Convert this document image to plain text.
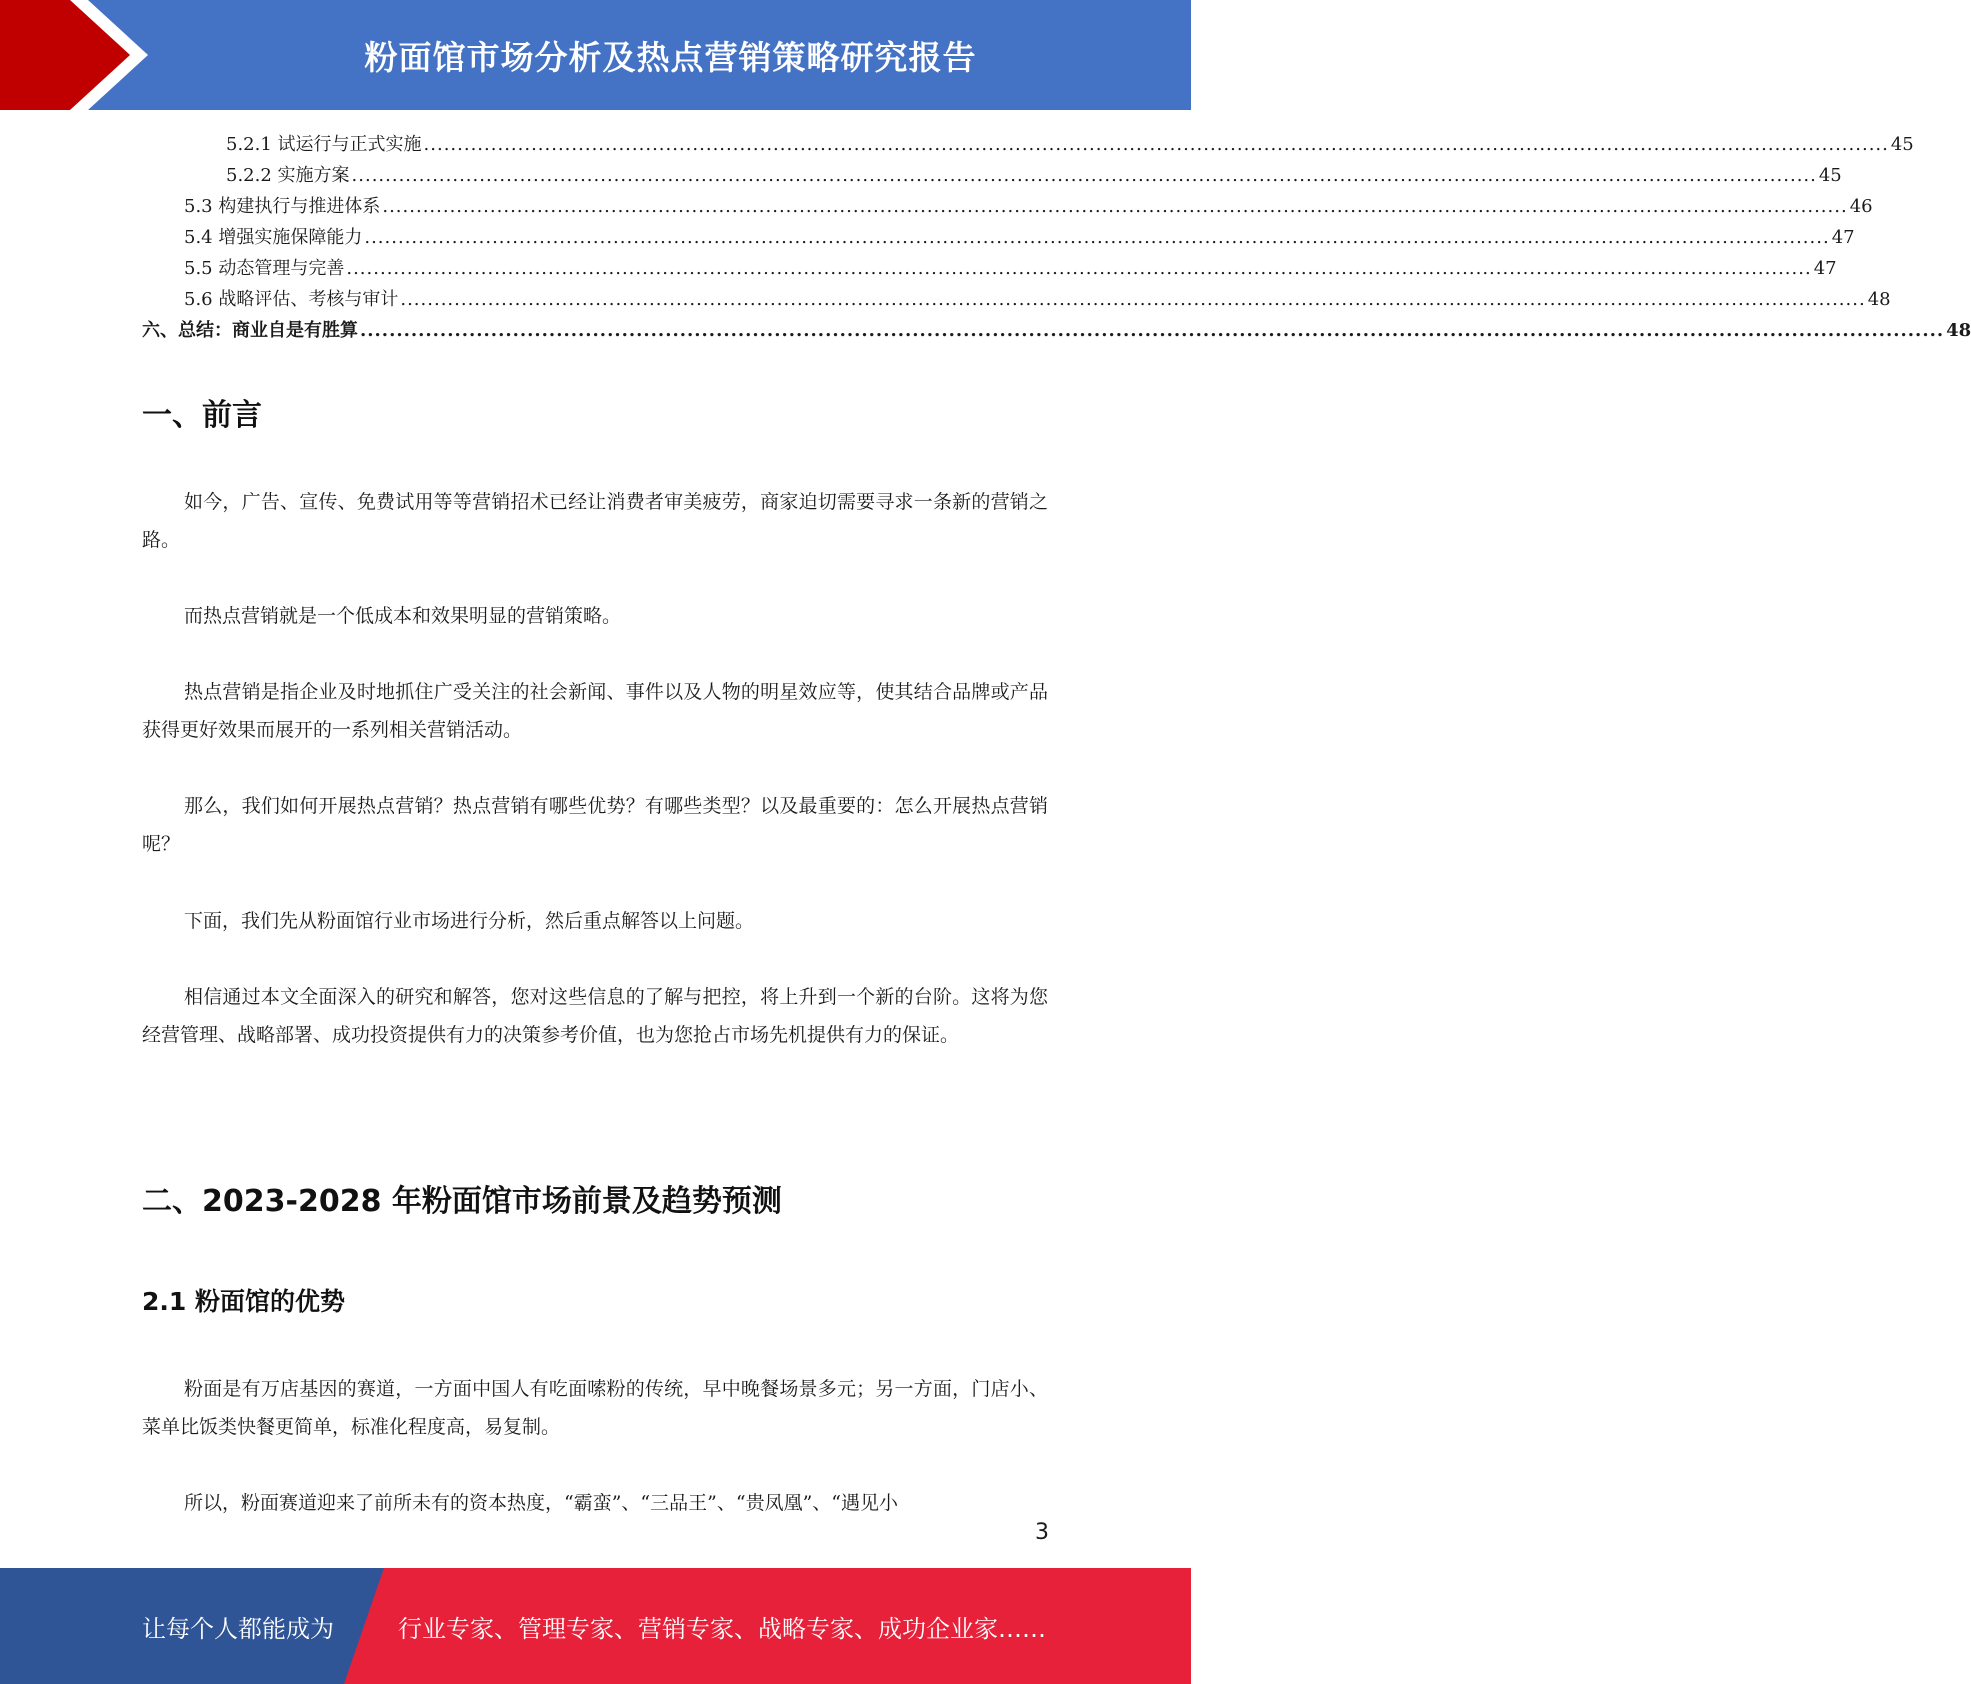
粉面馆市场分析及热点营销策略研究报告
5.2.1 试运行与正式实施 .......................................................................................................................................................................................................................... 45
5.2.2 实施方案 .......................................................................................................................................................................................................................... 45
5.3 构建执行与推进体系 .......................................................................................................................................................................................................................... 46
5.4 增强实施保障能力 .......................................................................................................................................................................................................................... 47
5.5 动态管理与完善 .......................................................................................................................................................................................................................... 47
5.6 战略评估、考核与审计 .......................................................................................................................................................................................................................... 48
六、总结：商业自是有胜算 .......................................................................................................................................................................................................................... 48
一、前言

如今，广告、宣传、免费试用等等营销招术已经让消费者审美疲劳，商家迫切需要寻求一条新的营销之路。

而热点营销就是一个低成本和效果明显的营销策略。

热点营销是指企业及时地抓住广受关注的社会新闻、事件以及人物的明星效应等，使其结合品牌或产品获得更好效果而展开的一系列相关营销活动。

那么，我们如何开展热点营销？热点营销有哪些优势？有哪些类型？以及最重要的：怎么开展热点营销呢？

下面，我们先从粉面馆行业市场进行分析，然后重点解答以上问题。

相信通过本文全面深入的研究和解答，您对这些信息的了解与把控，将上升到一个新的台阶。这将为您经营管理、战略部署、成功投资提供有力的决策参考价值，也为您抢占市场先机提供有力的保证。

二、2023-2028 年粉面馆市场前景及趋势预测
2.1 粉面馆的优势

粉面是有万店基因的赛道，一方面中国人有吃面嗦粉的传统，早中晚餐场景多元；另一方面，门店小、菜单比饭类快餐更简单，标准化程度高，易复制。

所以，粉面赛道迎来了前所未有的资本热度，“霸蛮”、“三品王”、“贵凤凰”、“遇见小

3
让每个人都能成为	行业专家、管理专家、营销专家、战略专家、成功企业家……
